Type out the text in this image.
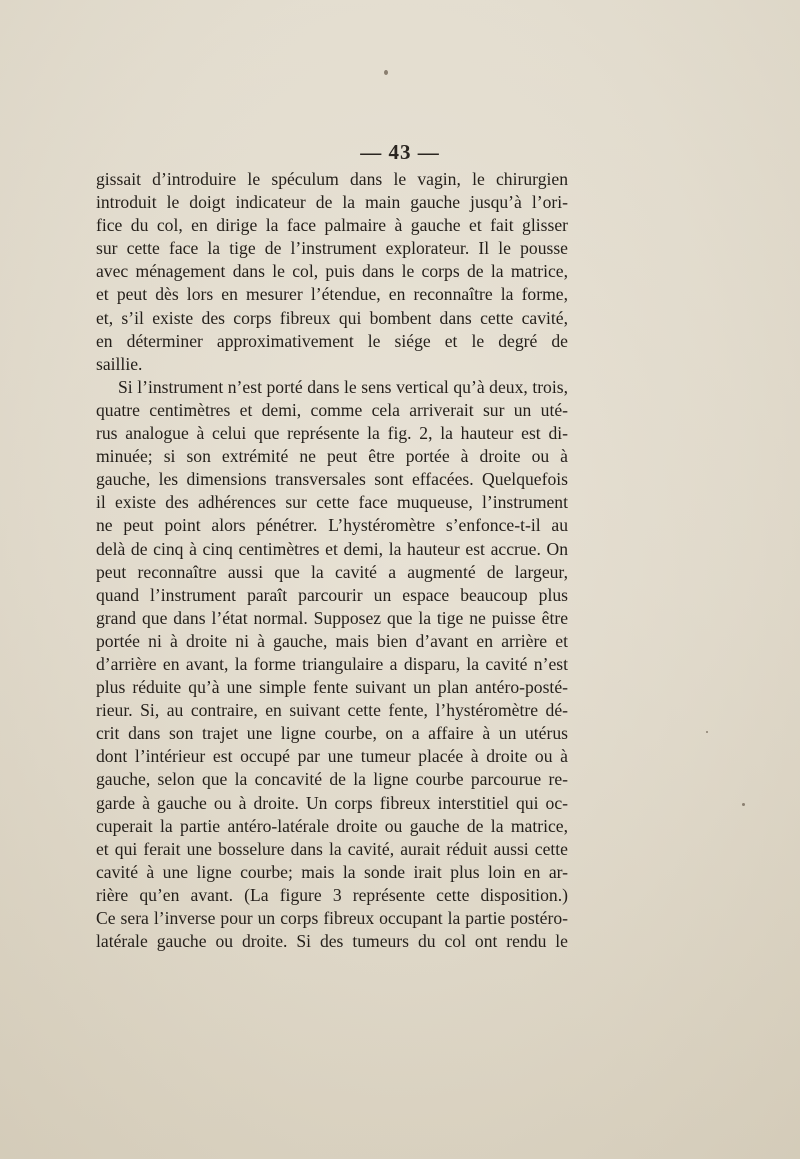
— 43 —
gissait d’introduire le spéculum dans le vagin, le chirurgien
introduit le doigt indicateur de la main gauche jusqu’à l’ori-
fice du col, en dirige la face palmaire à gauche et fait glisser
sur cette face la tige de l’instrument explorateur. Il le pousse
avec ménagement dans le col, puis dans le corps de la matrice,
et peut dès lors en mesurer l’étendue, en reconnaître la forme,
et, s’il existe des corps fibreux qui bombent dans cette cavité,
en déterminer approximativement le siége et le degré de
saillie.
Si l’instrument n’est porté dans le sens vertical qu’à deux, trois,
quatre centimètres et demi, comme cela arriverait sur un uté-
rus analogue à celui que représente la fig. 2, la hauteur est di-
minuée; si son extrémité ne peut être portée à droite ou à
gauche, les dimensions transversales sont effacées. Quelquefois
il existe des adhérences sur cette face muqueuse, l’instrument
ne peut point alors pénétrer. L’hystéromètre s’enfonce-t-il au
delà de cinq à cinq centimètres et demi, la hauteur est accrue. On
peut reconnaître aussi que la cavité a augmenté de largeur,
quand l’instrument paraît parcourir un espace beaucoup plus
grand que dans l’état normal. Supposez que la tige ne puisse être
portée ni à droite ni à gauche, mais bien d’avant en arrière et
d’arrière en avant, la forme triangulaire a disparu, la cavité n’est
plus réduite qu’à une simple fente suivant un plan antéro-posté-
rieur. Si, au contraire, en suivant cette fente, l’hystéromètre dé-
crit dans son trajet une ligne courbe, on a affaire à un utérus
dont l’intérieur est occupé par une tumeur placée à droite ou à
gauche, selon que la concavité de la ligne courbe parcourue re-
garde à gauche ou à droite. Un corps fibreux interstitiel qui oc-
cuperait la partie antéro-latérale droite ou gauche de la matrice,
et qui ferait une bosselure dans la cavité, aurait réduit aussi cette
cavité à une ligne courbe; mais la sonde irait plus loin en ar-
rière qu’en avant. (La figure 3 représente cette disposition.)
Ce sera l’inverse pour un corps fibreux occupant la partie postéro-
latérale gauche ou droite. Si des tumeurs du col ont rendu le
